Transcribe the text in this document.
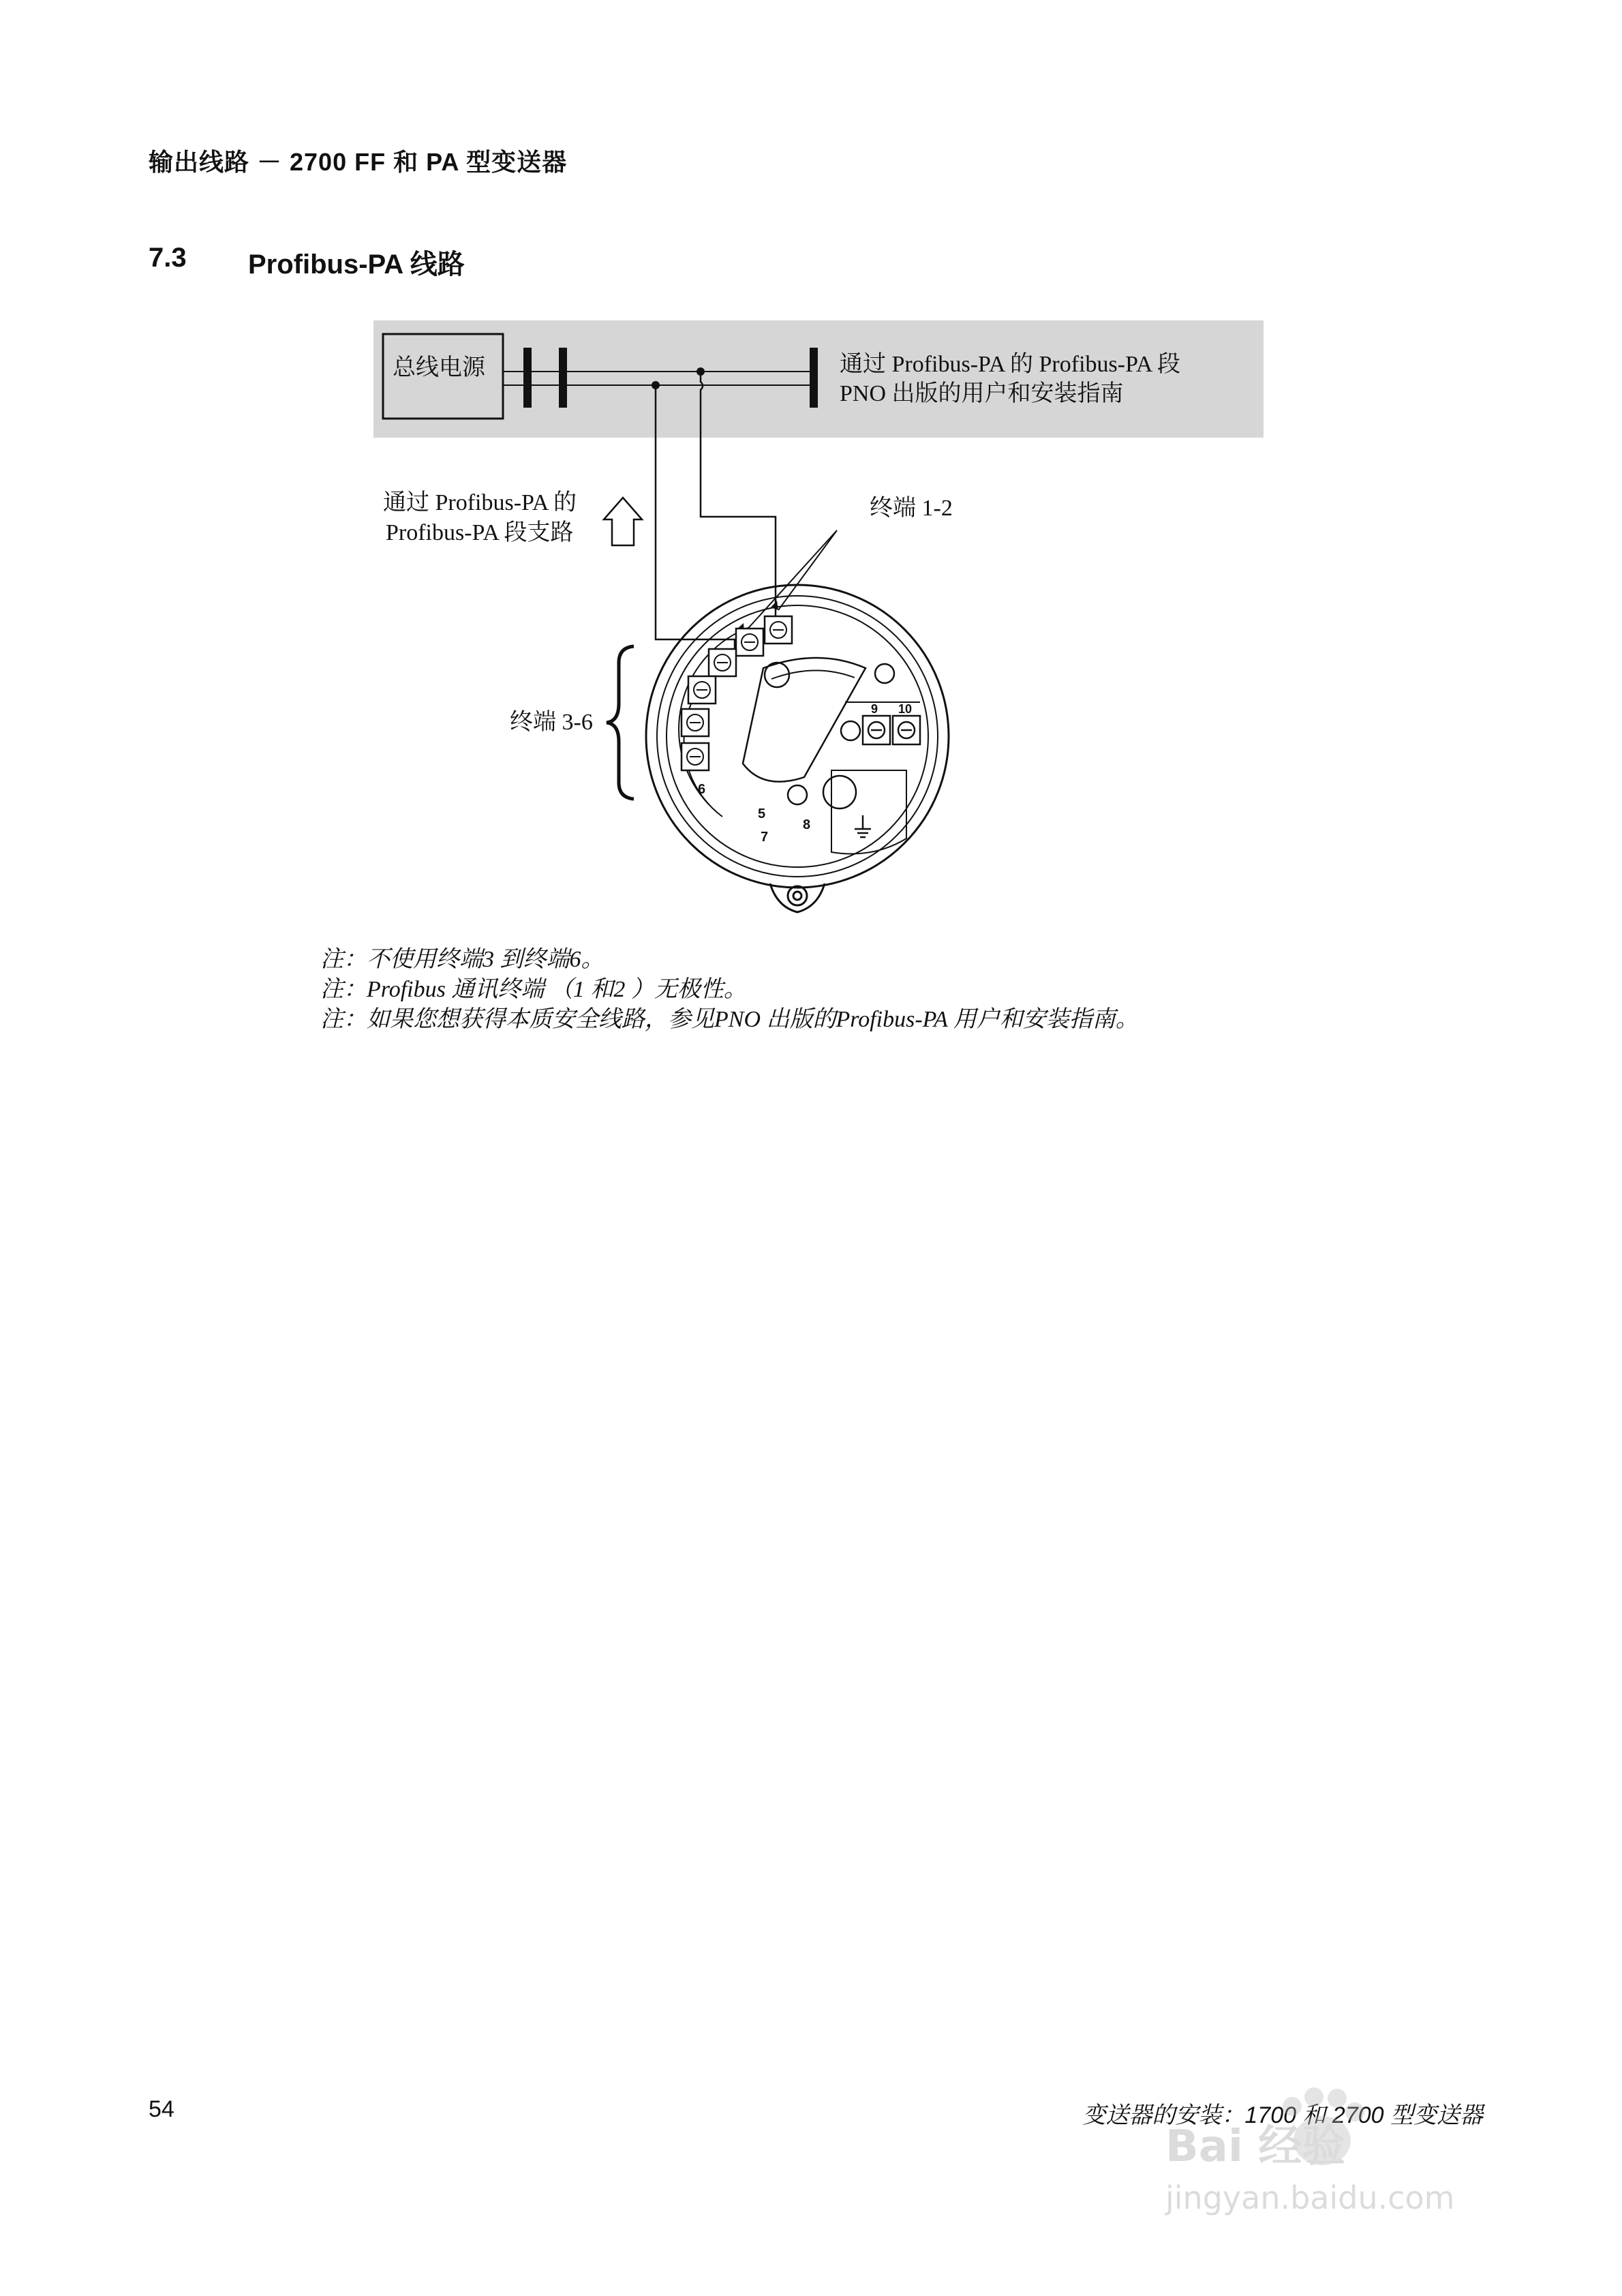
输出线路 － 2700 FF 和 PA 型变送器
7.3 Profibus-PA 线路
总线电源	通过 Profibus-PA 的 Profibus-PA 段
PNO 出版的用户和安装指南
通过 Profibus-PA 的
Profibus-PA 段支路
终端 1-2
终端 3-6
6
5
7
8
9 10
注：不使用终端3 到终端6。
注：Profibus 通讯终端 （1 和2 ）无极性。
注：如果您想获得本质安全线路，参见PNO 出版的Profibus-PA 用户和安装指南。
54	变送器的安装：1700 和 2700 型变送器
Bai 经验
jingyan.baidu.com
